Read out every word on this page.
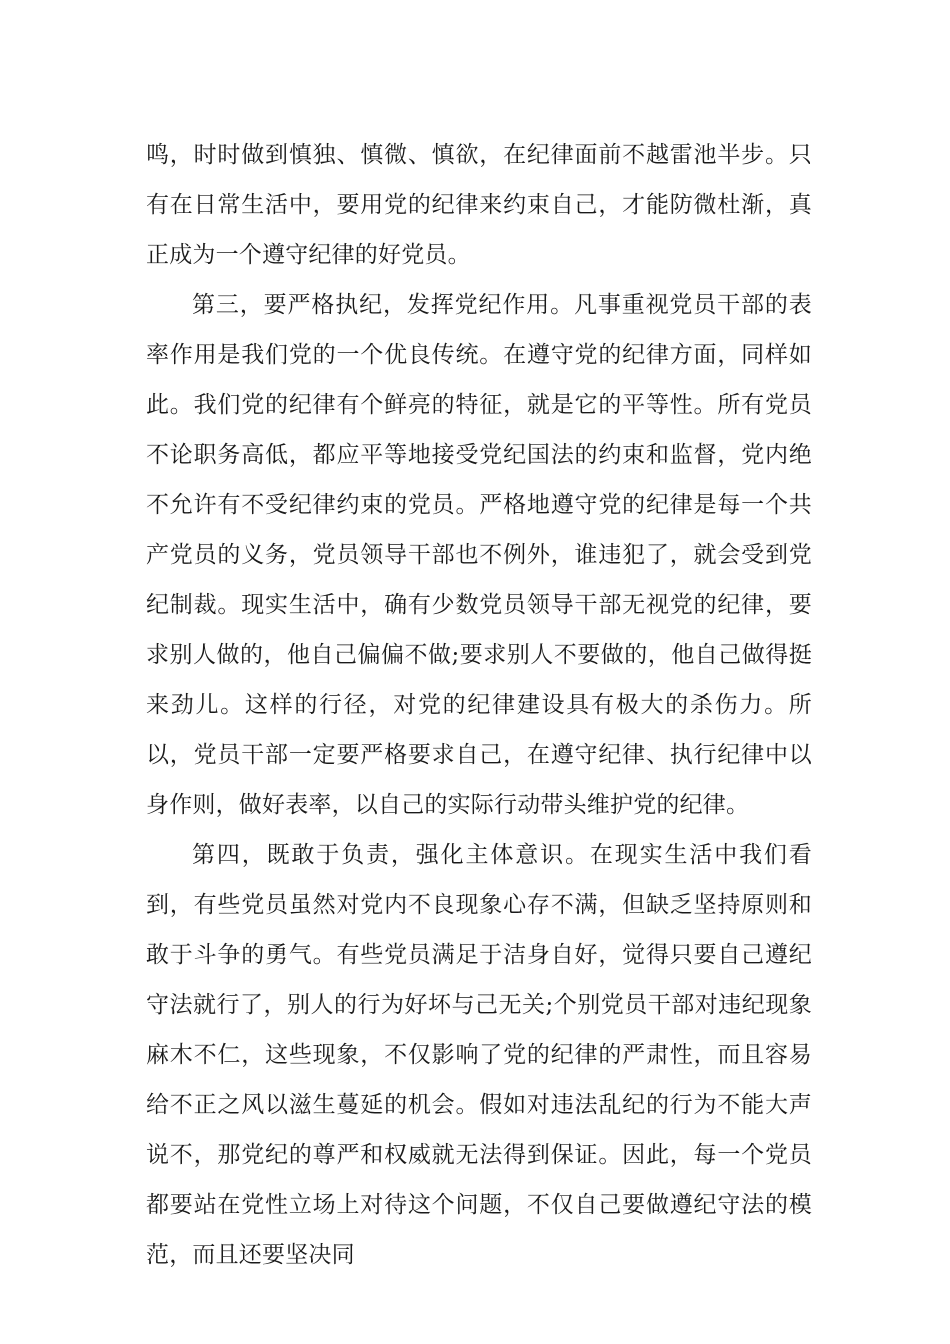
鸣，时时做到慎独、慎微、慎欲，在纪律面前不越雷池半步。只有在日常生活中，要用党的纪律来约束自己，才能防微杜渐，真正成为一个遵守纪律的好党员。

第三，要严格执纪，发挥党纪作用。凡事重视党员干部的表率作用是我们党的一个优良传统。在遵守党的纪律方面，同样如此。我们党的纪律有个鲜亮的特征，就是它的平等性。所有党员不论职务高低，都应平等地接受党纪国法的约束和监督，党内绝不允许有不受纪律约束的党员。严格地遵守党的纪律是每一个共产党员的义务，党员领导干部也不例外，谁违犯了，就会受到党纪制裁。现实生活中，确有少数党员领导干部无视党的纪律，要求别人做的，他自己偏偏不做;要求别人不要做的，他自己做得挺来劲儿。这样的行径，对党的纪律建设具有极大的杀伤力。所以，党员干部一定要严格要求自己，在遵守纪律、执行纪律中以身作则，做好表率，以自己的实际行动带头维护党的纪律。

第四，既敢于负责，强化主体意识。在现实生活中我们看到，有些党员虽然对党内不良现象心存不满，但缺乏坚持原则和敢于斗争的勇气。有些党员满足于洁身自好，觉得只要自己遵纪守法就行了，别人的行为好坏与己无关;个别党员干部对违纪现象麻木不仁，这些现象，不仅影响了党的纪律的严肃性，而且容易给不正之风以滋生蔓延的机会。假如对违法乱纪的行为不能大声说不，那党纪的尊严和权威就无法得到保证。因此，每一个党员都要站在党性立场上对待这个问题，不仅自己要做遵纪守法的模范，而且还要坚决同
